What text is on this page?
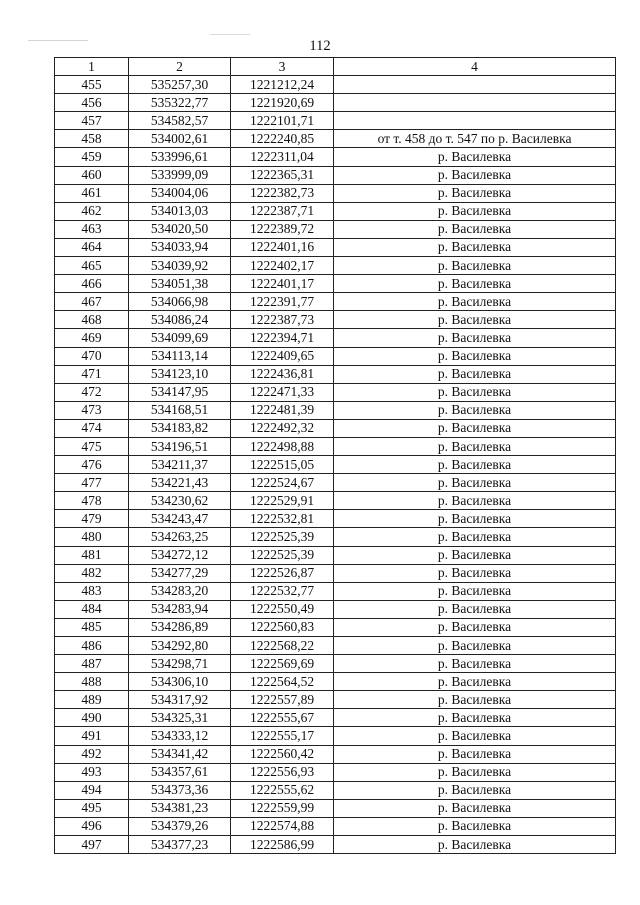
112
1	2	3	4
455	535257,30	1221212,24	
456	535322,77	1221920,69	
457	534582,57	1222101,71	
458	534002,61	1222240,85	от т. 458 до т. 547 по р. Василевка
459	533996,61	1222311,04	р. Василевка
460	533999,09	1222365,31	р. Василевка
461	534004,06	1222382,73	р. Василевка
462	534013,03	1222387,71	р. Василевка
463	534020,50	1222389,72	р. Василевка
464	534033,94	1222401,16	р. Василевка
465	534039,92	1222402,17	р. Василевка
466	534051,38	1222401,17	р. Василевка
467	534066,98	1222391,77	р. Василевка
468	534086,24	1222387,73	р. Василевка
469	534099,69	1222394,71	р. Василевка
470	534113,14	1222409,65	р. Василевка
471	534123,10	1222436,81	р. Василевка
472	534147,95	1222471,33	р. Василевка
473	534168,51	1222481,39	р. Василевка
474	534183,82	1222492,32	р. Василевка
475	534196,51	1222498,88	р. Василевка
476	534211,37	1222515,05	р. Василевка
477	534221,43	1222524,67	р. Василевка
478	534230,62	1222529,91	р. Василевка
479	534243,47	1222532,81	р. Василевка
480	534263,25	1222525,39	р. Василевка
481	534272,12	1222525,39	р. Василевка
482	534277,29	1222526,87	р. Василевка
483	534283,20	1222532,77	р. Василевка
484	534283,94	1222550,49	р. Василевка
485	534286,89	1222560,83	р. Василевка
486	534292,80	1222568,22	р. Василевка
487	534298,71	1222569,69	р. Василевка
488	534306,10	1222564,52	р. Василевка
489	534317,92	1222557,89	р. Василевка
490	534325,31	1222555,67	р. Василевка
491	534333,12	1222555,17	р. Василевка
492	534341,42	1222560,42	р. Василевка
493	534357,61	1222556,93	р. Василевка
494	534373,36	1222555,62	р. Василевка
495	534381,23	1222559,99	р. Василевка
496	534379,26	1222574,88	р. Василевка
497	534377,23	1222586,99	р. Василевка
